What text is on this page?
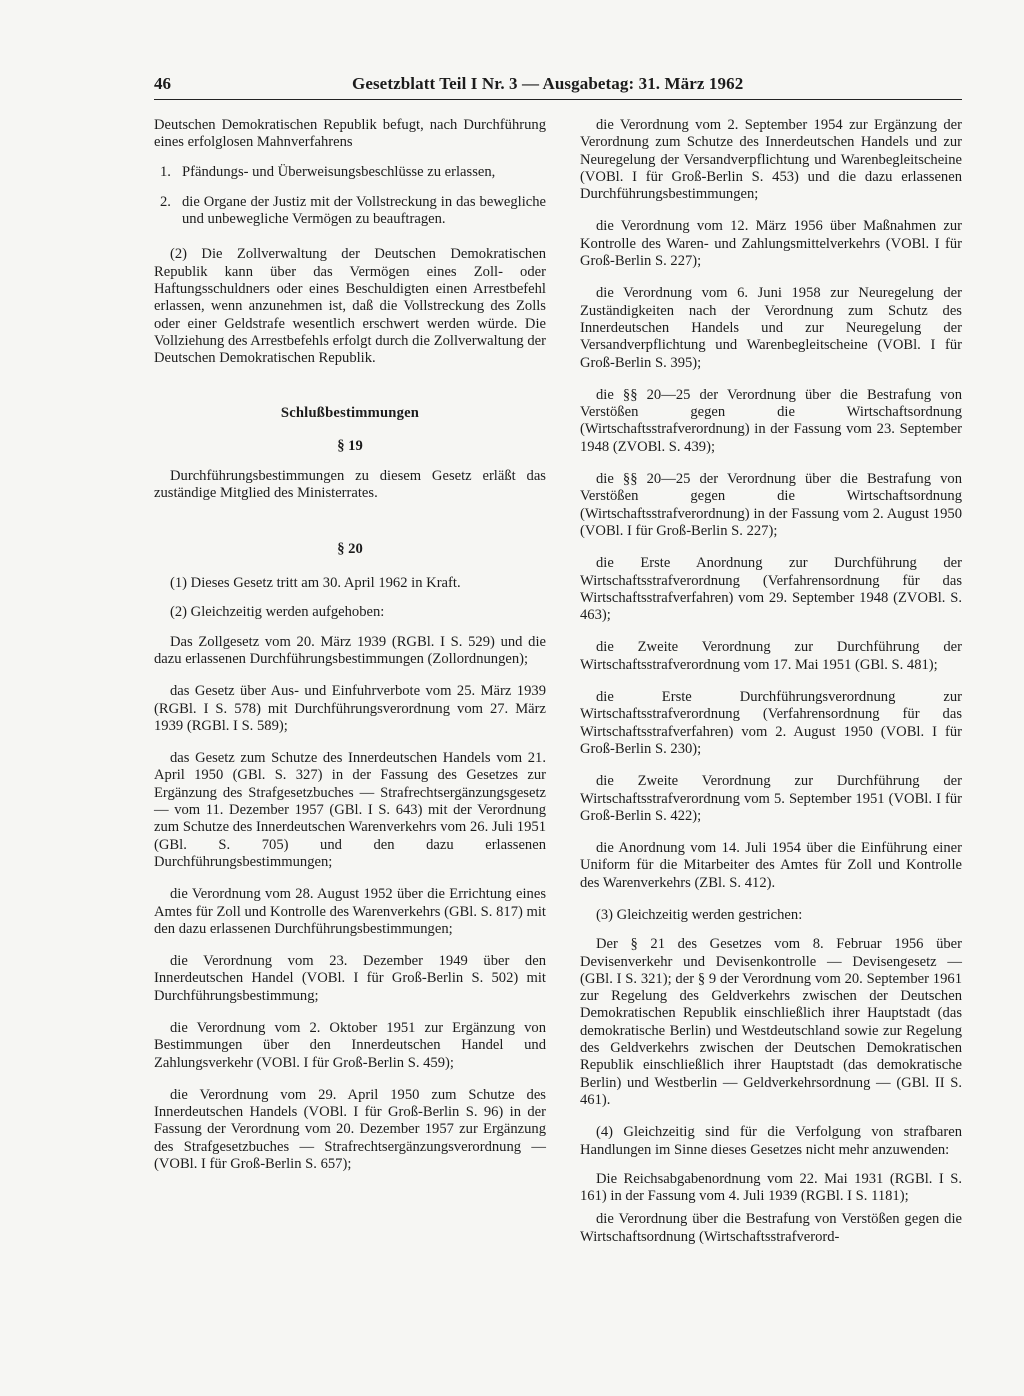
46	Gesetzblatt Teil I Nr. 3 — Ausgabetag: 31. März 1962

Deutschen Demokratischen Republik befugt, nach Durchführung eines erfolglosen Mahnverfahrens

1. Pfändungs- und Überweisungsbeschlüsse zu erlassen,
2. die Organe der Justiz mit der Vollstreckung in das bewegliche und unbewegliche Vermögen zu beauftragen.

(2) Die Zollverwaltung der Deutschen Demokratischen Republik kann über das Vermögen eines Zoll- oder Haftungsschuldners oder eines Beschuldigten einen Arrestbefehl erlassen, wenn anzunehmen ist, daß die Vollstreckung des Zolls oder einer Geldstrafe wesentlich erschwert werden würde. Die Vollziehung des Arrestbefehls erfolgt durch die Zollverwaltung der Deutschen Demokratischen Republik.

Schlußbestimmungen
§ 19

Durchführungsbestimmungen zu diesem Gesetz erläßt das zuständige Mitglied des Ministerrates.

§ 20

(1) Dieses Gesetz tritt am 30. April 1962 in Kraft.

(2) Gleichzeitig werden aufgehoben:

Das Zollgesetz vom 20. März 1939 (RGBl. I S. 529) und die dazu erlassenen Durchführungsbestimmungen (Zollordnungen);

das Gesetz über Aus- und Einfuhrverbote vom 25. März 1939 (RGBl. I S. 578) mit Durchführungsverordnung vom 27. März 1939 (RGBl. I S. 589);

das Gesetz zum Schutze des Innerdeutschen Handels vom 21. April 1950 (GBl. S. 327) in der Fassung des Gesetzes zur Ergänzung des Strafgesetzbuches — Strafrechtsergänzungsgesetz — vom 11. Dezember 1957 (GBl. I S. 643) mit der Verordnung zum Schutze des Innerdeutschen Warenverkehrs vom 26. Juli 1951 (GBl. S. 705) und den dazu erlassenen Durchführungsbestimmungen;

die Verordnung vom 28. August 1952 über die Errichtung eines Amtes für Zoll und Kontrolle des Warenverkehrs (GBl. S. 817) mit den dazu erlassenen Durchführungsbestimmungen;

die Verordnung vom 23. Dezember 1949 über den Innerdeutschen Handel (VOBl. I für Groß-Berlin S. 502) mit Durchführungsbestimmung;

die Verordnung vom 2. Oktober 1951 zur Ergänzung von Bestimmungen über den Innerdeutschen Handel und Zahlungsverkehr (VOBl. I für Groß-Berlin S. 459);

die Verordnung vom 29. April 1950 zum Schutze des Innerdeutschen Handels (VOBl. I für Groß-Berlin S. 96) in der Fassung der Verordnung vom 20. Dezember 1957 zur Ergänzung des Strafgesetzbuches — Strafrechtsergänzungsverordnung — (VOBl. I für Groß-Berlin S. 657);

die Verordnung vom 2. September 1954 zur Ergänzung der Verordnung zum Schutze des Innerdeutschen Handels und zur Neuregelung der Versandverpflichtung und Warenbegleitscheine (VOBl. I für Groß-Berlin S. 453) und die dazu erlassenen Durchführungsbestimmungen;

die Verordnung vom 12. März 1956 über Maßnahmen zur Kontrolle des Waren- und Zahlungsmittelverkehrs (VOBl. I für Groß-Berlin S. 227);

die Verordnung vom 6. Juni 1958 zur Neuregelung der Zuständigkeiten nach der Verordnung zum Schutz des Innerdeutschen Handels und zur Neuregelung der Versandverpflichtung und Warenbegleitscheine (VOBl. I für Groß-Berlin S. 395);

die §§ 20—25 der Verordnung über die Bestrafung von Verstößen gegen die Wirtschaftsordnung (Wirtschaftsstrafverordnung) in der Fassung vom 23. September 1948 (ZVOBl. S. 439);

die §§ 20—25 der Verordnung über die Bestrafung von Verstößen gegen die Wirtschaftsordnung (Wirtschaftsstrafverordnung) in der Fassung vom 2. August 1950 (VOBl. I für Groß-Berlin S. 227);

die Erste Anordnung zur Durchführung der Wirtschaftsstrafverordnung (Verfahrensordnung für das Wirtschaftsstrafverfahren) vom 29. September 1948 (ZVOBl. S. 463);

die Zweite Verordnung zur Durchführung der Wirtschaftsstrafverordnung vom 17. Mai 1951 (GBl. S. 481);

die Erste Durchführungsverordnung zur Wirtschaftsstrafverordnung (Verfahrensordnung für das Wirtschaftsstrafverfahren) vom 2. August 1950 (VOBl. I für Groß-Berlin S. 230);

die Zweite Verordnung zur Durchführung der Wirtschaftsstrafverordnung vom 5. September 1951 (VOBl. I für Groß-Berlin S. 422);

die Anordnung vom 14. Juli 1954 über die Einführung einer Uniform für die Mitarbeiter des Amtes für Zoll und Kontrolle des Warenverkehrs (ZBl. S. 412).

(3) Gleichzeitig werden gestrichen:

Der § 21 des Gesetzes vom 8. Februar 1956 über Devisenverkehr und Devisenkontrolle — Devisengesetz — (GBl. I S. 321); der § 9 der Verordnung vom 20. September 1961 zur Regelung des Geldverkehrs zwischen der Deutschen Demokratischen Republik einschließlich ihrer Hauptstadt (das demokratische Berlin) und Westdeutschland sowie zur Regelung des Geldverkehrs zwischen der Deutschen Demokratischen Republik einschließlich ihrer Hauptstadt (das demokratische Berlin) und Westberlin — Geldverkehrsordnung — (GBl. II S. 461).

(4) Gleichzeitig sind für die Verfolgung von strafbaren Handlungen im Sinne dieses Gesetzes nicht mehr anzuwenden:

Die Reichsabgabenordnung vom 22. Mai 1931 (RGBl. I S. 161) in der Fassung vom 4. Juli 1939 (RGBl. I S. 1181);

die Verordnung über die Bestrafung von Verstößen gegen die Wirtschaftsordnung (Wirtschaftsstrafverord-
